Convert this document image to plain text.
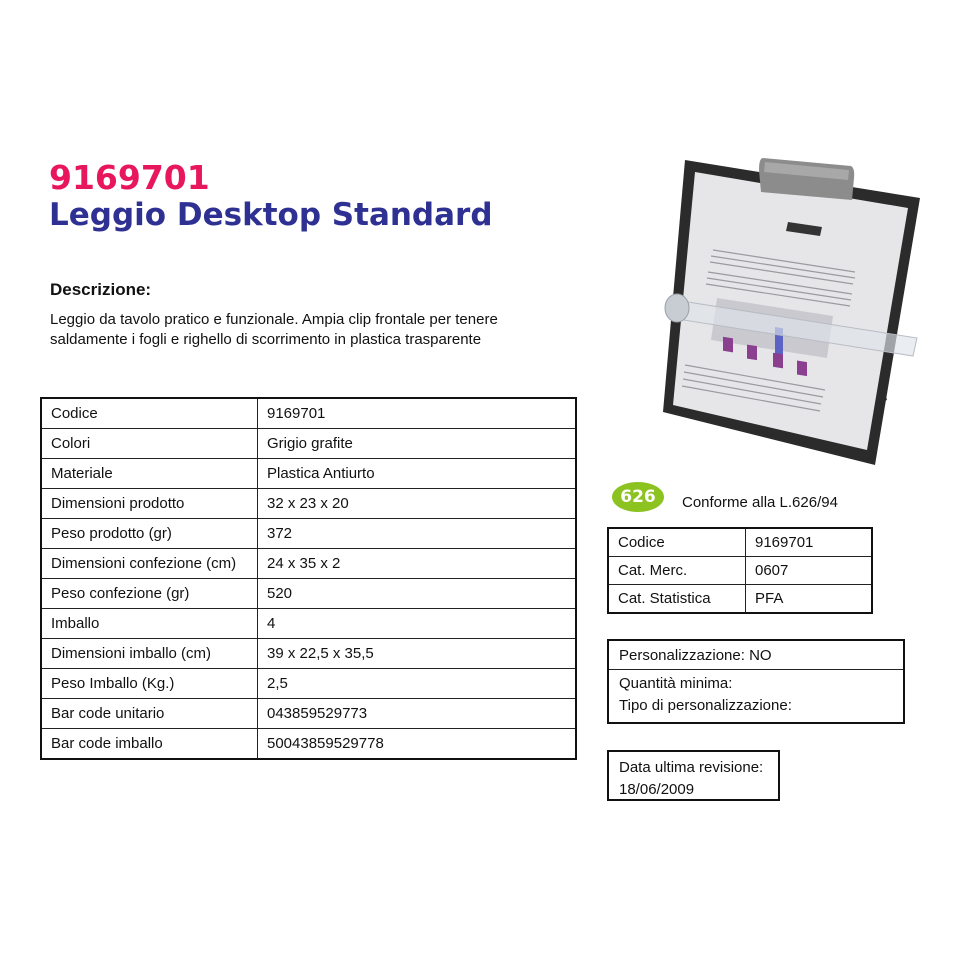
9169701
Leggio Desktop Standard
Descrizione:
Leggio da tavolo pratico e funzionale. Ampia clip frontale per tenere saldamente i fogli e righello di scorrimento in plastica trasparente
Codice	9169701
Colori	Grigio grafite
Materiale	Plastica Antiurto
Dimensioni prodotto	32 x 23 x 20
Peso prodotto (gr)	372
Dimensioni confezione (cm)	24 x 35 x 2
Peso confezione (gr)	520
Imballo	4
Dimensioni imballo (cm)	39 x 22,5 x 35,5
Peso Imballo (Kg.)	2,5
Bar code unitario	043859529773
Bar code imballo	50043859529778
626	Conforme alla L.626/94
Codice	9169701
Cat. Merc.	0607
Cat. Statistica	PFA
Personalizzazione: NO
Quantità minima:
Tipo di personalizzazione:
Data ultima revisione:
18/06/2009
